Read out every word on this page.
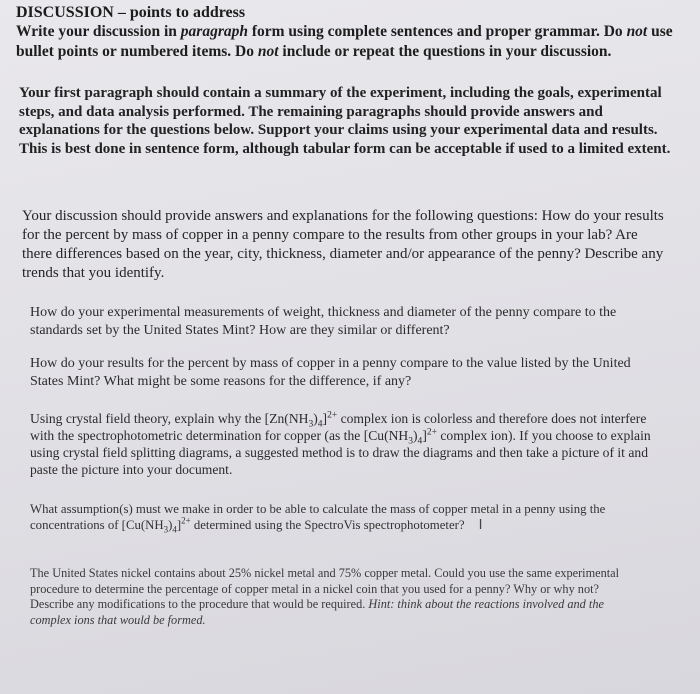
DISCUSSION – points to address
Write your discussion in paragraph form using complete sentences and proper grammar. Do not use bullet points or numbered items. Do not include or repeat the questions in your discussion.
Your first paragraph should contain a summary of the experiment, including the goals, experimental steps, and data analysis performed. The remaining paragraphs should provide answers and explanations for the questions below. Support your claims using your experimental data and results. This is best done in sentence form, although tabular form can be acceptable if used to a limited extent.
Your discussion should provide answers and explanations for the following questions: How do your results for the percent by mass of copper in a penny compare to the results from other groups in your lab? Are there differences based on the year, city, thickness, diameter and/or appearance of the penny? Describe any trends that you identify.
How do your experimental measurements of weight, thickness and diameter of the penny compare to the standards set by the United States Mint? How are they similar or different?
How do your results for the percent by mass of copper in a penny compare to the value listed by the United States Mint? What might be some reasons for the difference, if any?
Using crystal field theory, explain why the $[Zn(NH_3)_4]^{2+}$ complex ion is colorless and therefore does not interfere with the spectrophotometric determination for copper (as the $[Cu(NH_3)_4]^{2+}$ complex ion). If you choose to explain using crystal field splitting diagrams, a suggested method is to draw the diagrams and then take a picture of it and paste the picture into your document.
What assumption(s) must we make in order to be able to calculate the mass of copper metal in a penny using the concentrations of $[Cu(NH_3)_4]^{2+}$ determined using the SpectroVis spectrophotometer? I
The United States nickel contains about 25% nickel metal and 75% copper metal. Could you use the same experimental procedure to determine the percentage of copper metal in a nickel coin that you used for a penny? Why or why not? Describe any modifications to the procedure that would be required. Hint: think about the reactions involved and the complex ions that would be formed.
